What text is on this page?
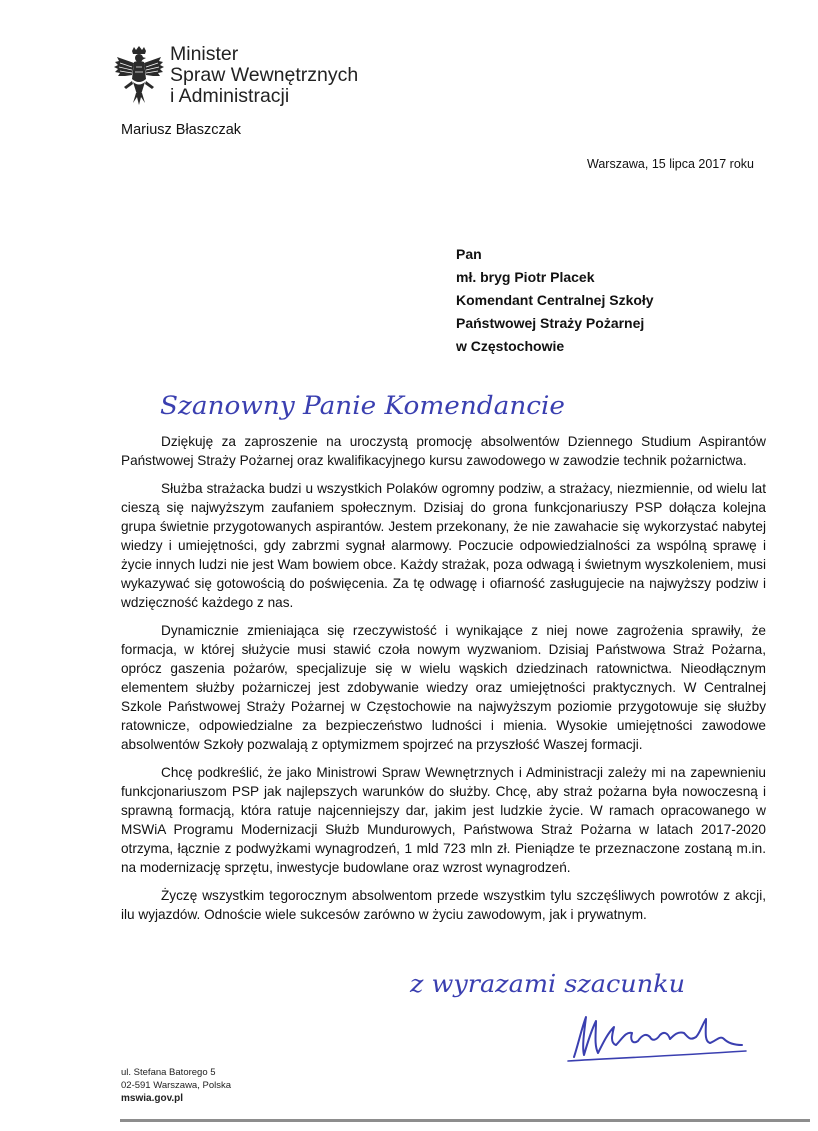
Minister
Spraw Wewnętrznych
i Administracji
Mariusz Błaszczak
Warszawa, 15 lipca 2017 roku
Pan
mł. bryg Piotr Placek
Komendant Centralnej Szkoły
Państwowej Straży Pożarnej
w Częstochowie
Szanowny Panie Komendancie

Dziękuję za zaproszenie na uroczystą promocję absolwentów Dziennego Studium Aspirantów Państwowej Straży Pożarnej oraz kwalifikacyjnego kursu zawodowego w zawodzie technik pożarnictwa.

Służba strażacka budzi u wszystkich Polaków ogromny podziw, a strażacy, niezmiennie, od wielu lat cieszą się najwyższym zaufaniem społecznym. Dzisiaj do grona funkcjonariuszy PSP dołącza kolejna grupa świetnie przygotowanych aspirantów. Jestem przekonany, że nie zawahacie się wykorzystać nabytej wiedzy i umiejętności, gdy zabrzmi sygnał alarmowy. Poczucie odpowiedzialności za wspólną sprawę i życie innych ludzi nie jest Wam bowiem obce. Każdy strażak, poza odwagą i świetnym wyszkoleniem, musi wykazywać się gotowością do poświęcenia. Za tę odwagę i ofiarność zasługujecie na najwyższy podziw i wdzięczność każdego z nas.

Dynamicznie zmieniająca się rzeczywistość i wynikające z niej nowe zagrożenia sprawiły, że formacja, w której służycie musi stawić czoła nowym wyzwaniom. Dzisiaj Państwowa Straż Pożarna, oprócz gaszenia pożarów, specjalizuje się w wielu wąskich dziedzinach ratownictwa. Nieodłącznym elementem służby pożarniczej jest zdobywanie wiedzy oraz umiejętności praktycznych. W Centralnej Szkole Państwowej Straży Pożarnej w Częstochowie na najwyższym poziomie przygotowuje się służby ratownicze, odpowiedzialne za bezpieczeństwo ludności i mienia. Wysokie umiejętności zawodowe absolwentów Szkoły pozwalają z optymizmem spojrzeć na przyszłość Waszej formacji.

Chcę podkreślić, że jako Ministrowi Spraw Wewnętrznych i Administracji zależy mi na zapewnieniu funkcjonariuszom PSP jak najlepszych warunków do służby. Chcę, aby straż pożarna była nowoczesną i sprawną formacją, która ratuje najcenniejszy dar, jakim jest ludzkie życie. W ramach opracowanego w MSWiA Programu Modernizacji Służb Mundurowych, Państwowa Straż Pożarna w latach 2017-2020 otrzyma, łącznie z podwyżkami wynagrodzeń, 1 mld 723 mln zł. Pieniądze te przeznaczone zostaną m.in. na modernizację sprzętu, inwestycje budowlane oraz wzrost wynagrodzeń.

Życzę wszystkim tegorocznym absolwentom przede wszystkim tylu szczęśliwych powrotów z akcji, ilu wyjazdów. Odnoście wiele sukcesów zarówno w życiu zawodowym, jak i prywatnym.

z wyrazami szacunku
ul. Stefana Batorego 5
02-591 Warszawa, Polska
mswia.gov.pl
